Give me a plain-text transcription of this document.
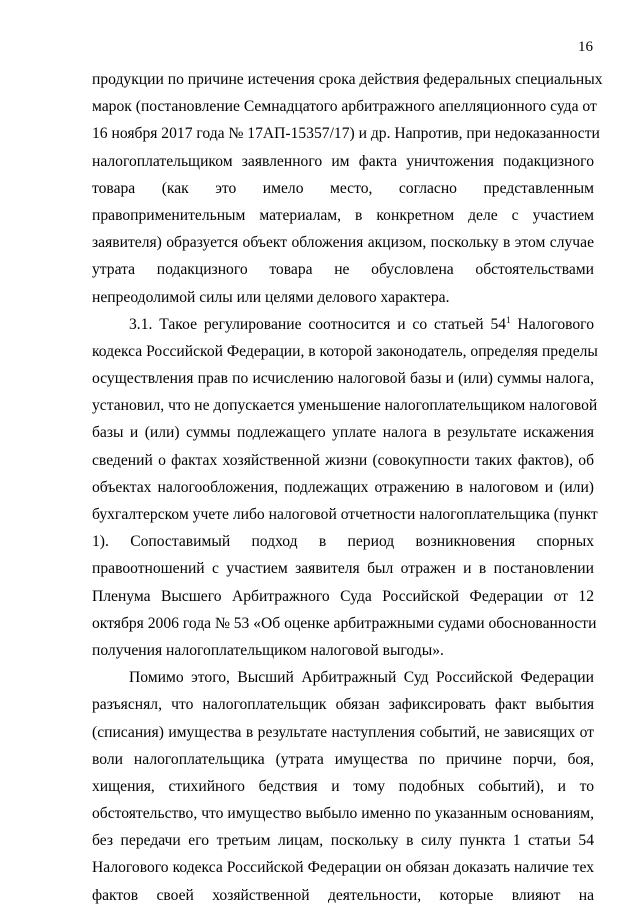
16
продукции по причине истечения срока действия федеральных специальных
марок (постановление Семнадцатого арбитражного апелляционного суда от
16 ноября 2017 года № 17АП-15357/17) и др. Напротив, при недоказанности
налогоплательщиком заявленного им факта уничтожения подакцизного
товара (как это имело место, согласно представленным
правоприменительным материалам, в конкретном деле с участием
заявителя) образуется объект обложения акцизом, поскольку в этом случае
утрата подакцизного товара не обусловлена обстоятельствами
непреодолимой силы или целями делового характера.
3.1. Такое регулирование соотносится и со статьей $54^1$ Налогового
кодекса Российской Федерации, в которой законодатель, определяя пределы
осуществления прав по исчислению налоговой базы и (или) суммы налога,
установил, что не допускается уменьшение налогоплательщиком налоговой
базы и (или) суммы подлежащего уплате налога в результате искажения
сведений о фактах хозяйственной жизни (совокупности таких фактов), об
объектах налогообложения, подлежащих отражению в налоговом и (или)
бухгалтерском учете либо налоговой отчетности налогоплательщика (пункт
1). Сопоставимый подход в период возникновения спорных
правоотношений с участием заявителя был отражен и в постановлении
Пленума Высшего Арбитражного Суда Российской Федерации от 12
октября 2006 года № 53 «Об оценке арбитражными судами обоснованности
получения налогоплательщиком налоговой выгоды».
Помимо этого, Высший Арбитражный Суд Российской Федерации
разъяснял, что налогоплательщик обязан зафиксировать факт выбытия
(списания) имущества в результате наступления событий, не зависящих от
воли налогоплательщика (утрата имущества по причине порчи, боя,
хищения, стихийного бедствия и тому подобных событий), и то
обстоятельство, что имущество выбыло именно по указанным основаниям,
без передачи его третьим лицам, поскольку в силу пункта 1 статьи 54
Налогового кодекса Российской Федерации он обязан доказать наличие тех
фактов своей хозяйственной деятельности, которые влияют на
